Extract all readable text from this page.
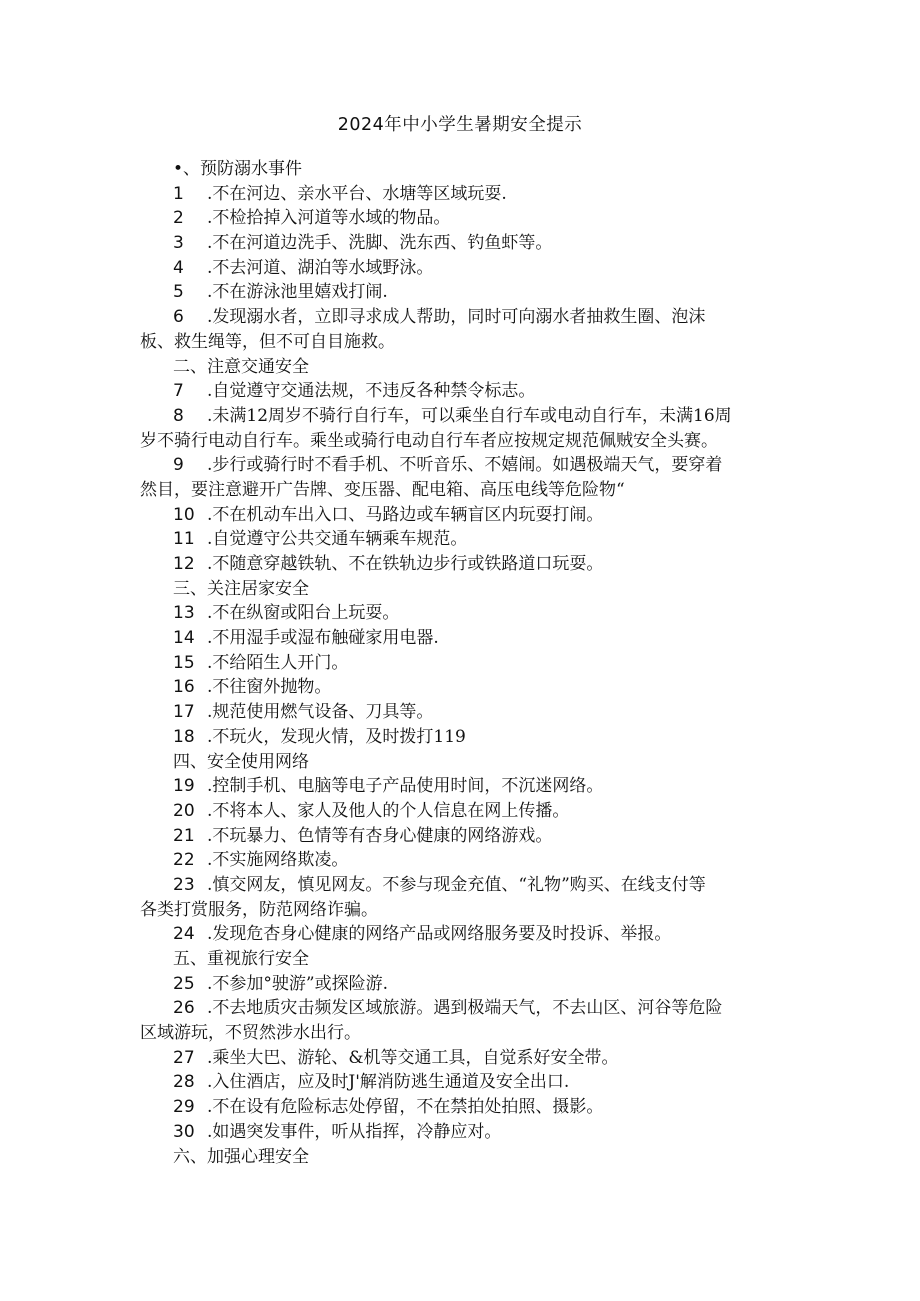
2024年中小学生暑期安全提示
•、预防溺水事件
1 .不在河边、亲水平台、水塘等区域玩耍.
2 .不检拾掉入河道等水域的物品。
3 .不在河道边洗手、洗脚、洗东西、钓鱼虾等。
4 .不去河道、湖泊等水域野泳。
5 .不在游泳池里嬉戏打闹.
6 .发现溺水者，立即寻求成人帮助，同时可向溺水者抽救生圈、泡沫
板、救生绳等，但不可自目施救。
二、注意交通安全
7 .自觉遵守交通法规，不违反各种禁令标志。
8 .未满12周岁不骑行自行车，可以乘坐自行车或电动自行车，未满16周
岁不骑行电动自行车。乘坐或骑行电动自行车者应按规定规范佩贼安全头赛。
9 .步行或骑行时不看手机、不听音乐、不嬉闹。如遇极端天气，要穿着
然目，要注意避开广告牌、变压器、配电箱、高压电线等危险物“
10 .不在机动车出入口、马路边或车辆盲区内玩耍打闹。
11 .自觉遵守公共交通车辆乘车规范。
12 .不随意穿越铁轨、不在铁轨边步行或铁路道口玩耍。
三、关注居家安全
13 .不在纵窗或阳台上玩耍。
14 .不用湿手或湿布触碰家用电器.
15 .不给陌生人开门。
16 .不往窗外抛物。
17 .规范使用燃气设备、刀具等。
18 .不玩火，发现火情，及时拨打119
四、安全使用网络
19 .控制手机、电脑等电子产品使用时间，不沉迷网络。
20 .不将本人、家人及他人的个人信息在网上传播。
21 .不玩暴力、色情等有杏身心健康的网络游戏。
22 .不实施网络欺凌。
23 .慎交网友，慎见网友。不参与现金充值、“礼物”购买、在线支付等
各类打赏服务，防范网络诈骗。
24 .发现危杏身心健康的网络产品或网络服务要及时投诉、举报。
五、重视旅行安全
25 .不参加°驶游”或探险游.
26 .不去地质灾击频发区域旅游。遇到极端天气，不去山区、河谷等危险
区域游玩，不贸然涉水出行。
27 .乘坐大巴、游轮、&机等交通工具，自觉系好安全带。
28 .入住酒店，应及时J'解消防逃生通道及安全出口.
29 .不在设有危险标志处停留，不在禁拍处拍照、摄影。
30 .如遇突发事件，听从指挥，冷静应对。
六、加强心理安全
